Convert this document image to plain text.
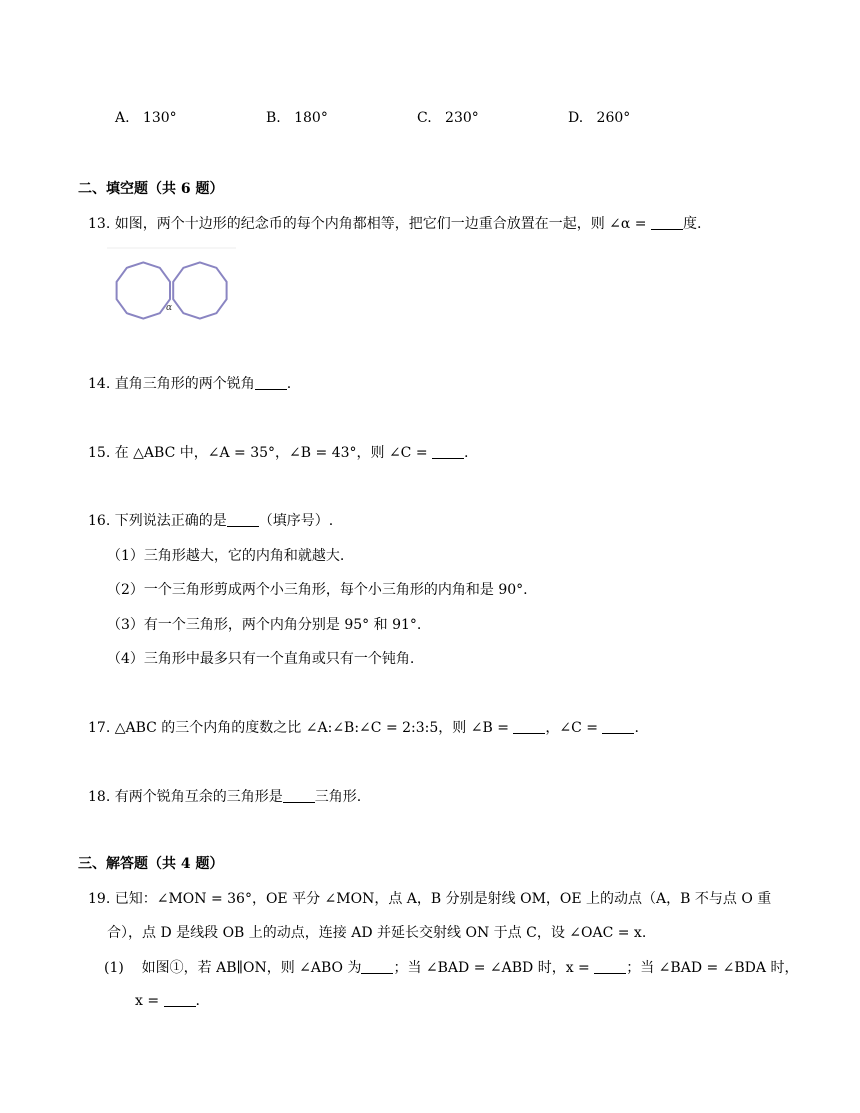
A. 130°	B. 180°	C. 230°	D. 260°
二、填空题（共 6 题）
13. 如图，两个十边形的纪念币的每个内角都相等，把它们一边重合放置在一起，则 ∠α = 度.
α
14. 直角三角形的两个锐角 .
15. 在 △ABC 中，∠A = 35°，∠B = 43°，则 ∠C = .
16. 下列说法正确的是 （填序号）.
（1）三角形越大，它的内角和就越大.
（2）一个三角形剪成两个小三角形，每个小三角形的内角和是 90°.
（3）有一个三角形，两个内角分别是 95° 和 91°.
（4）三角形中最多只有一个直角或只有一个钝角.
17. △ABC 的三个内角的度数之比 ∠A:∠B:∠C = 2:3:5，则 ∠B = ，∠C = .
18. 有两个锐角互余的三角形是 三角形.
三、解答题（共 4 题）
19. 已知：∠MON = 36°，OE 平分 ∠MON，点 A，B 分别是射线 OM，OE 上的动点（A，B 不与点 O 重
合），点 D 是线段 OB 上的动点，连接 AD 并延长交射线 ON 于点 C，设 ∠OAC = x.
(1) 如图①，若 AB∥ON，则 ∠ABO 为 ；当 ∠BAD = ∠ABD 时，x = ；当 ∠BAD = ∠BDA 时，
x = .
